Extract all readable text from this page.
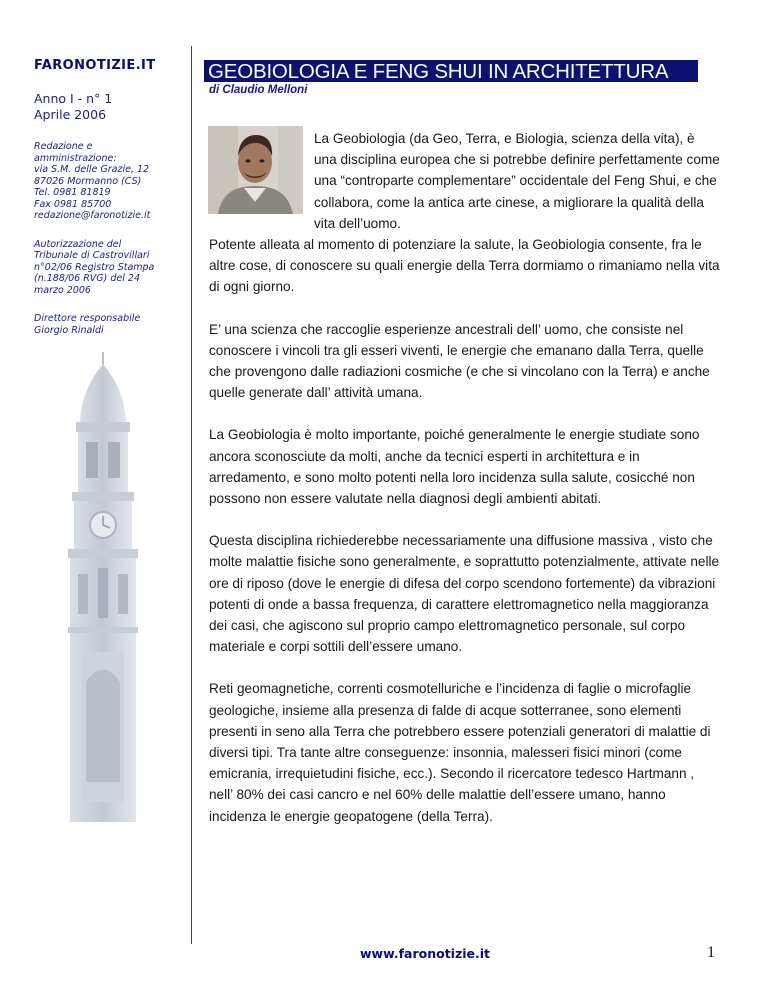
FARONOTIZIE.IT
Anno I - n° 1
Aprile 2006
Redazione e
amministrazione:
via S.M. delle Grazie, 12
87026 Mormanno (CS)
Tel. 0981 81819
Fax 0981 85700
redazione@faronotizie.it
Autorizzazione del
Tribunale di Castrovillari
n°02/06 Registro Stampa
(n.188/06 RVG) del 24
marzo 2006
Direttore responsabile
Giorgio Rinaldi
GEOBIOLOGIA E FENG SHUI IN ARCHITETTURA
di Claudio Melloni

La Geobiologia (da Geo, Terra, e Biologia, scienza della vita), è una disciplina europea che si potrebbe definire perfettamente come una “controparte complementare” occidentale del Feng Shui, e che collabora, come la antica arte cinese, a migliorare la qualità della vita dell’uomo.

Potente alleata al momento di potenziare la salute, la Geobiologia consente, fra le altre cose, di conoscere su quali energie della Terra dormiamo o rimaniamo nella vita di ogni giorno.

E’ una scienza che raccoglie esperienze ancestrali dell’ uomo, che consiste nel conoscere i vincoli tra gli esseri viventi, le energie che emanano dalla Terra, quelle che provengono dalle radiazioni cosmiche (e che si vincolano con la Terra) e anche quelle generate dall’ attività umana.

La Geobiologia è molto importante, poiché generalmente le energie studiate sono ancora sconosciute da molti, anche da tecnici esperti in architettura e in arredamento, e sono molto potenti nella loro incidenza sulla salute, cosicché non possono non essere valutate nella diagnosi degli ambienti abitati.

Questa disciplina richiederebbe necessariamente una diffusione massiva , visto che molte malattie fisiche sono generalmente, e soprattutto potenzialmente, attivate nelle ore di riposo (dove le energie di difesa del corpo scendono fortemente) da vibrazioni potenti di onde a bassa frequenza, di carattere elettromagnetico nella maggioranza dei casi, che agiscono sul proprio campo elettromagnetico personale, sul corpo materiale e corpi sottili dell’essere umano.

Reti geomagnetiche, correnti cosmotelluriche e l’incidenza di faglie o microfaglie geologiche, insieme alla presenza di falde di acque sotterranee, sono elementi presenti in seno alla Terra che potrebbero essere potenziali generatori di malattie di diversi tipi. Tra tante altre conseguenze: insonnia, malesseri fisici minori (come emicrania, irrequietudini fisiche, ecc.). Secondo il ricercatore tedesco Hartmann , nell’ 80% dei casi cancro e nel 60% delle malattie dell’essere umano, hanno incidenza le energie geopatogene (della Terra).

www.faronotizie.it	1
